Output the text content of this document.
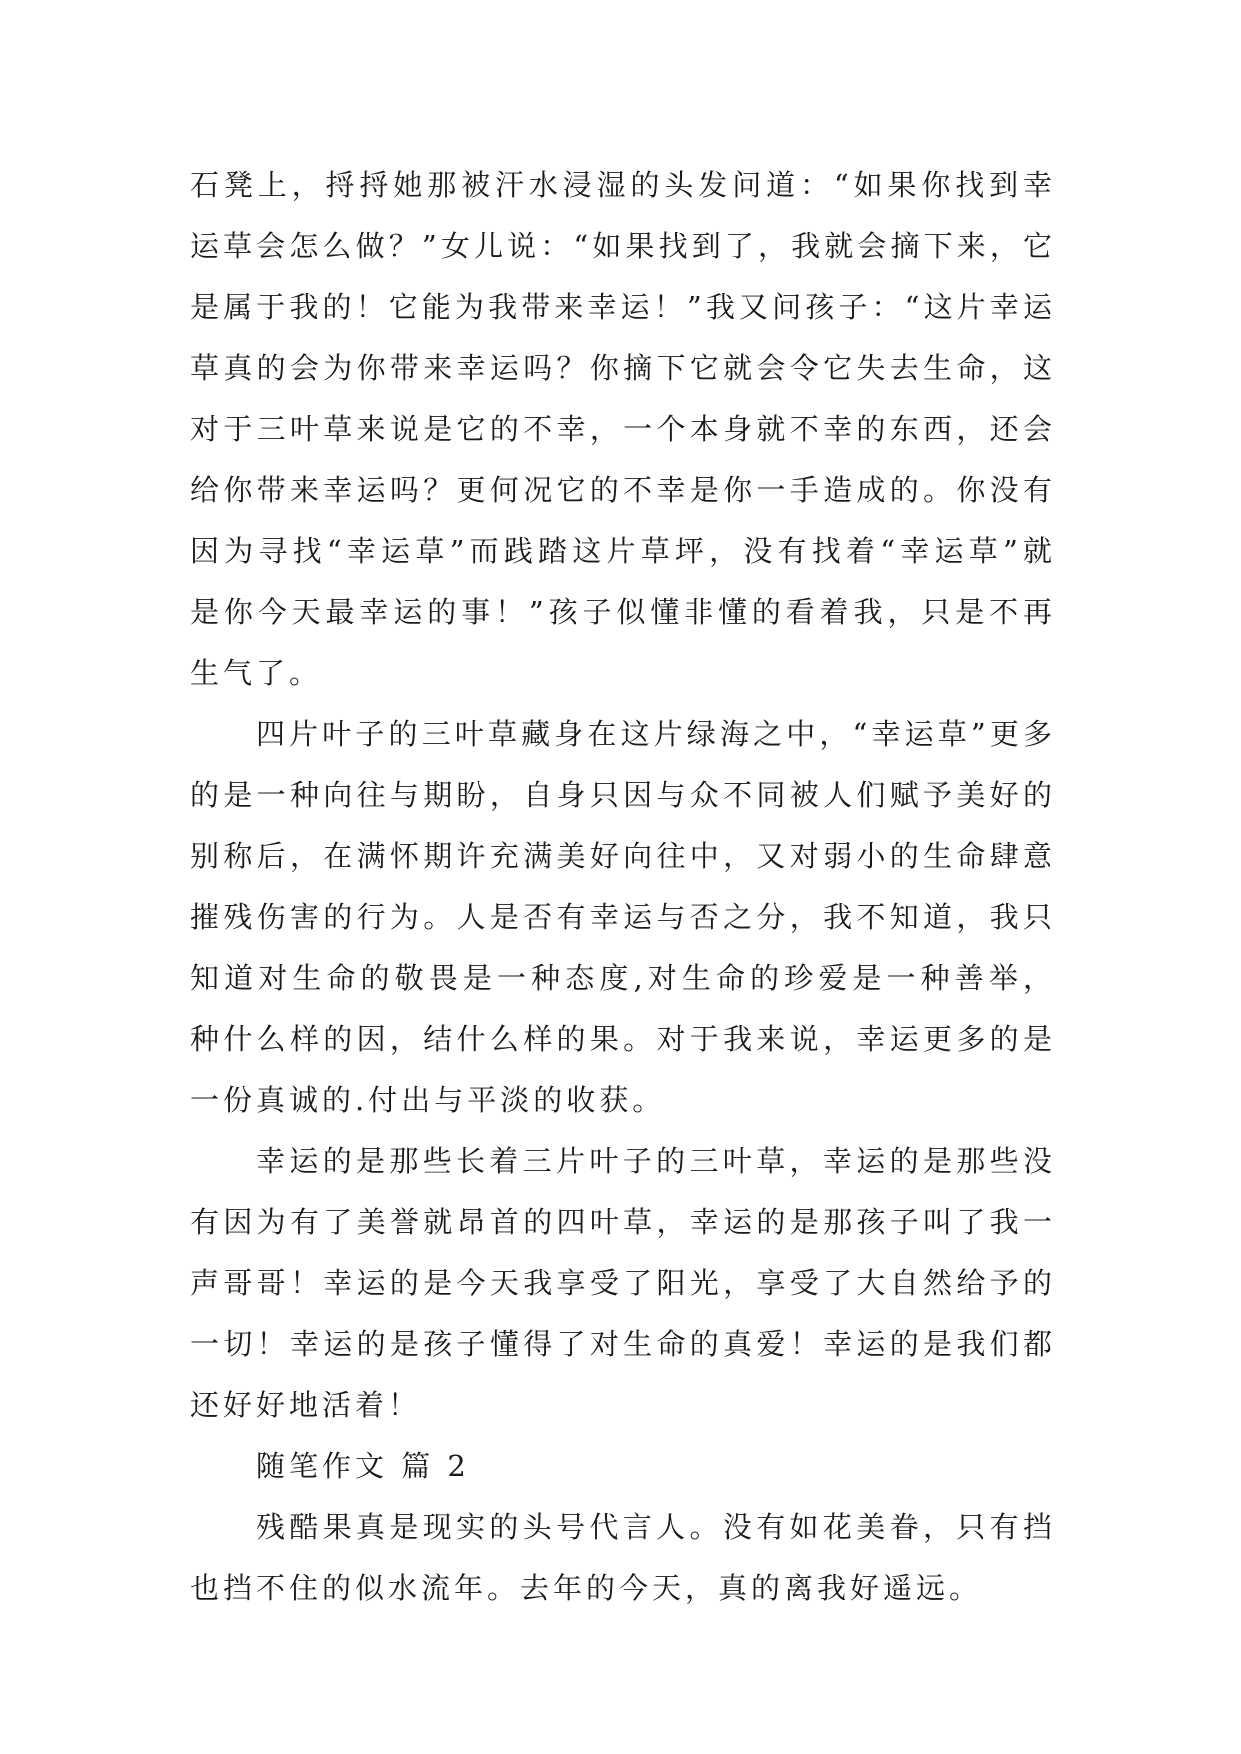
石凳上，捋捋她那被汗水浸湿的头发问道：“如果你找到幸运草会怎么做？”女儿说：“如果找到了，我就会摘下来，它是属于我的！它能为我带来幸运！”我又问孩子：“这片幸运草真的会为你带来幸运吗？你摘下它就会令它失去生命，这对于三叶草来说是它的不幸，一个本身就不幸的东西，还会给你带来幸运吗？更何况它的不幸是你一手造成的。你没有因为寻找“幸运草”而践踏这片草坪，没有找着“幸运草”就是你今天最幸运的事！”孩子似懂非懂的看着我，只是不再生气了。

四片叶子的三叶草藏身在这片绿海之中，“幸运草”更多的是一种向往与期盼，自身只因与众不同被人们赋予美好的别称后，在满怀期许充满美好向往中，又对弱小的生命肆意摧残伤害的行为。人是否有幸运与否之分，我不知道，我只知道对生命的敬畏是一种态度,对生命的珍爱是一种善举，种什么样的因，结什么样的果。对于我来说，幸运更多的是一份真诚的.付出与平淡的收获。

幸运的是那些长着三片叶子的三叶草，幸运的是那些没有因为有了美誉就昂首的四叶草，幸运的是那孩子叫了我一声哥哥！幸运的是今天我享受了阳光，享受了大自然给予的一切！幸运的是孩子懂得了对生命的真爱！幸运的是我们都还好好地活着！

随笔作文 篇 2

残酷果真是现实的头号代言人。没有如花美眷，只有挡也挡不住的似水流年。去年的今天，真的离我好遥远。
